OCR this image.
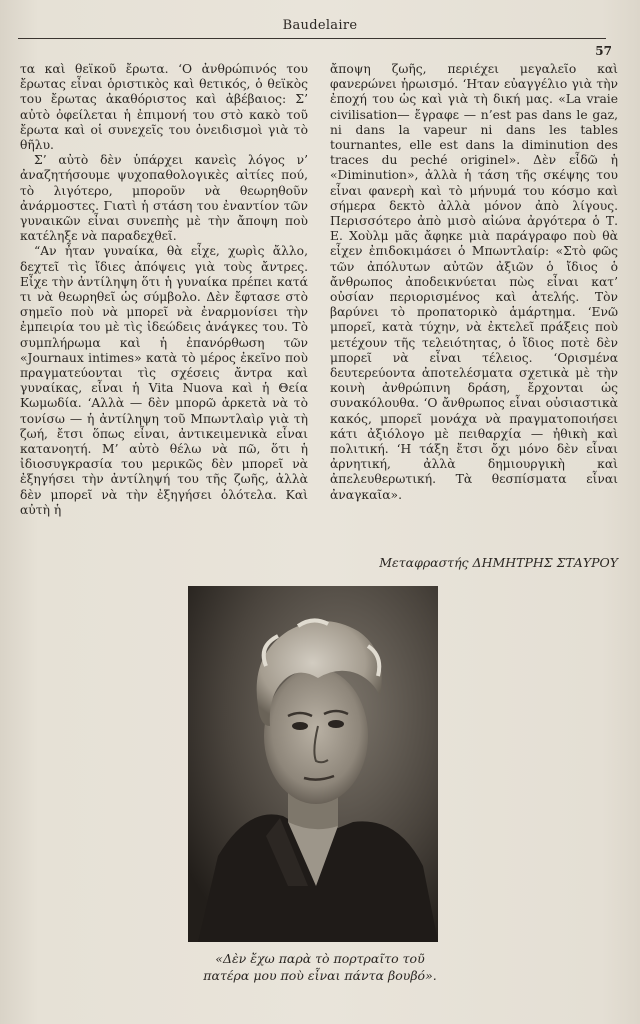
Baudelaire
57

τα καὶ θεϊκοῦ ἔρωτα. ‘Ο ἀνθρώπινός του ἔρωτας εἶναι ὁριστικὸς καὶ θετικός, ὁ θεϊκὸς του ἔρωτας ἀκαθόριστος καὶ ἀβέβαιος: Σ’ αὐτὸ ὀφείλεται ἡ ἐπιμονή του στὸ κακὸ τοῦ ἔρωτα καὶ οἱ συνεχεῖς του ὀνειδισμοὶ γιὰ τὸ θῆλυ.

Σ’ αὐτὸ δὲν ὑπάρχει κανεὶς λόγος ν’ ἀναζητήσουμε ψυχοπαθολογικὲς αἰτίες πού, τὸ λιγότερο, μποροῦν νὰ θεωρηθοῦν ἀνάρμοστες. Γιατὶ ἡ στάση του ἐναντίον τῶν γυναικῶν εἶναι συνεπὴς μὲ τὴν ἄποψη ποὺ κατέληξε νὰ παραδεχθεῖ.

“Αν ἦταν γυναίκα, θὰ εἶχε, χωρὶς ἄλλο, δεχτεῖ τὶς ἴδιες ἀπόψεις γιὰ τοὺς ἄντρες. Εἶχε τὴν ἀντίληψη ὅτι ἡ γυναίκα πρέπει κατά τι νὰ θεωρηθεῖ ὡς σύμβολο. Δὲν ἔφτασε στὸ σημεῖο ποὺ νὰ μπορεῖ νὰ ἐναρμονίσει τὴν ἐμπειρία του μὲ τὶς ἰδεώδεις ἀνάγκες του. Τὸ συμπλήρωμα καὶ ἡ ἐπανόρθωση τῶν «Journaux intimes» κατὰ τὸ μέρος ἐκεῖνο ποὺ πραγματεύονται τὶς σχέσεις ἄντρα καὶ γυναίκας, εἶναι ἡ Vita Nuova καὶ ἡ Θεία Κωμωδία. ‘Αλλὰ — δὲν μπορῶ ἀρκετὰ νὰ τὸ τονίσω — ἡ ἀντίληψη τοῦ Μπωντλαὶρ γιὰ τὴ ζωή, ἔτσι ὅπως εἶναι, ἀντικειμενικὰ εἶναι κατανοητή. Μ’ αὐτὸ θέλω νὰ πῶ, ὅτι ἡ ἰδιοσυγκρασία του μερικῶς δὲν μπορεῖ νὰ ἐξηγήσει τὴν ἀντίληψή του τῆς ζωῆς, ἀλλὰ δὲν μπορεῖ νὰ τὴν ἐξηγήσει ὁλότελα. Καὶ αὐτὴ ἡ

ἄποψη ζωῆς, περιέχει μεγαλεῖο καὶ φανερώνει ἡρωισμό. ‘Ηταν εὐαγγέλιο γιὰ τὴν ἐποχή του ὡς καὶ γιὰ τὴ δική μας. «La vraie civilisation— ἔγραφε — n’est pas dans le gaz, ni dans la vapeur ni dans les tables tournantes, elle est dans la diminution des traces du peché originel». Δὲν εἶδῶ ἡ «Diminution», ἀλλὰ ἡ τάση τῆς σκέψης του εἶναι φανερὴ καὶ τὸ μήνυμά του κόσμο καὶ σήμερα δεκτὸ ἀλλὰ μόνον ἀπὸ λίγους. Περισσότερο ἀπὸ μισὸ αἰώνα ἀργότερα ὁ Τ. Ε. Χοὺλμ μᾶς ἄφηκε μιὰ παράγραφο ποὺ θὰ εἶχεν ἐπιδοκιμάσει ὁ Μπωντλαίρ: «Στὸ φῶς τῶν ἀπόλυτων αὐτῶν ἀξιῶν ὁ ἴδιος ὁ ἄνθρωπος ἀποδεικνύεται πὼς εἶναι κατ’ οὐσίαν περιορισμένος καὶ ἀτελής. Τὸν βαρύνει τὸ προπατορικὸ ἁμάρτημα. ‘Ενῶ μπορεῖ, κατὰ τύχην, νὰ ἐκτελεῖ πράξεις ποὺ μετέχουν τῆς τελειότητας, ὁ ἴδιος ποτὲ δὲν μπορεῖ νὰ εἶναι τέλειος. ‘Ορισμένα δευτερεύοντα ἀποτελέσματα σχετικὰ μὲ τὴν κοινὴ ἀνθρώπινη δράση, ἔρχονται ὡς συνακόλουθα. ‘Ο ἄνθρωπος εἶναι οὐσιαστικὰ κακός, μπορεῖ μονάχα νὰ πραγματοποιήσει κάτι ἀξιόλογο μὲ πειθαρχία — ἠθικὴ καὶ πολιτική. ‘Η τάξη ἔτσι ὄχι μόνο δὲν εἶναι ἀρνητική, ἀλλὰ δημιουργικὴ καὶ ἀπελευθερωτική. Τὰ θεσπίσματα εἶναι ἀναγκαῖα».

Μεταφραστής ΔΗΜΗΤΡΗΣ ΣΤΑΥΡΟΥ
«Δὲν ἔχω παρὰ τὸ πορτραῖτο τοῦ
πατέρα μου ποὺ εἶναι πάντα βουβό».
